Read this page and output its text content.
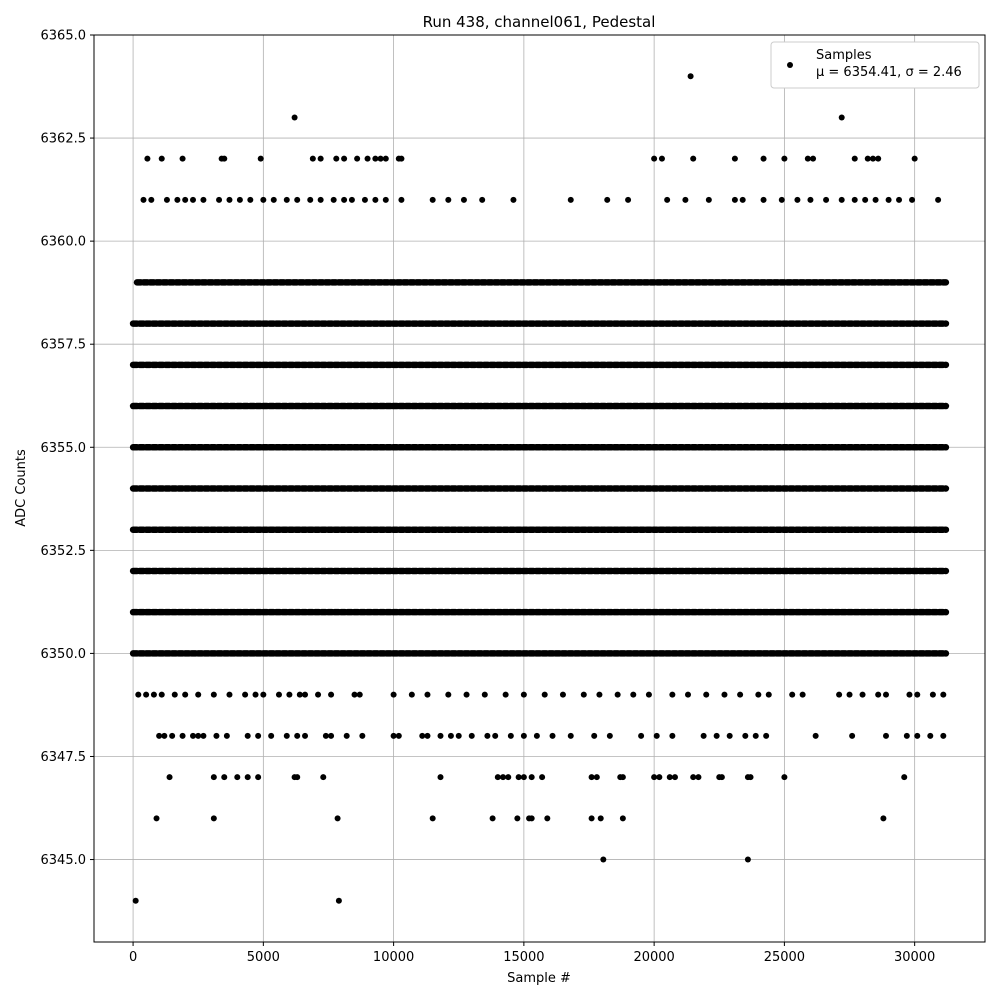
Run 438, channel061, Pedestal
0	5000	10000	15000	20000	25000	30000
6345.0
6347.5
6350.0
6352.5
6355.0
6357.5
6360.0
6362.5
6365.0
Sample #
ADC Counts
Samples
μ = 6354.41, σ = 2.46
